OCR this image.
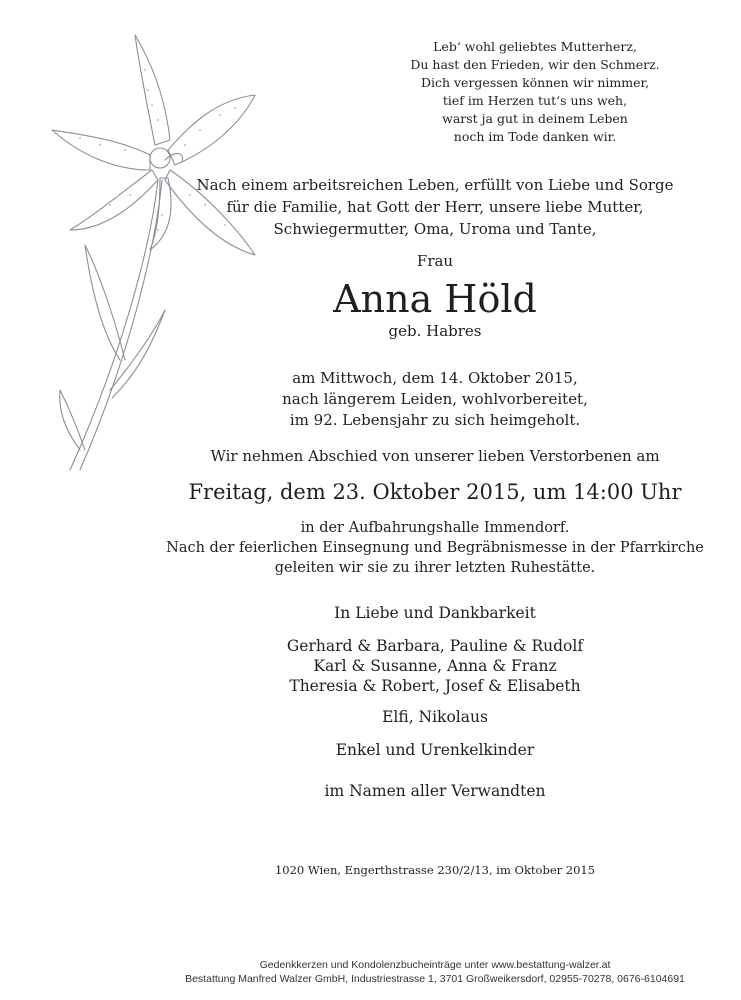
Leb‘ wohl geliebtes Mutterherz,
Du hast den Frieden, wir den Schmerz.
Dich vergessen können wir nimmer,
tief im Herzen tut‘s uns weh,
warst ja gut in deinem Leben
noch im Tode danken wir.
Nach einem arbeitsreichen Leben, erfüllt von Liebe und Sorge
für die Familie, hat Gott der Herr, unsere liebe Mutter,
Schwiegermutter, Oma, Uroma und Tante,
Frau
Anna Höld
geb. Habres
am Mittwoch, dem 14. Oktober 2015,
nach längerem Leiden, wohlvorbereitet,
im 92. Lebensjahr zu sich heimgeholt.
Wir nehmen Abschied von unserer lieben Verstorbenen am
Freitag, dem 23. Oktober 2015, um 14:00 Uhr
in der Aufbahrungshalle Immendorf.
Nach der feierlichen Einsegnung und Begräbnismesse in der Pfarrkirche
geleiten wir sie zu ihrer letzten Ruhestätte.
In Liebe und Dankbarkeit
Gerhard & Barbara, Pauline & Rudolf
Karl & Susanne, Anna & Franz
Theresia & Robert, Josef & Elisabeth
Elfi, Nikolaus
Enkel und Urenkelkinder
im Namen aller Verwandten
1020 Wien, Engerthstrasse 230/2/13, im Oktober 2015
Gedenkkerzen und Kondolenzbucheinträge unter www.bestattung-walzer.at
Bestattung Manfred Walzer GmbH, Industriestrasse 1, 3701 Großweikersdorf, 02955-70278, 0676-6104691
